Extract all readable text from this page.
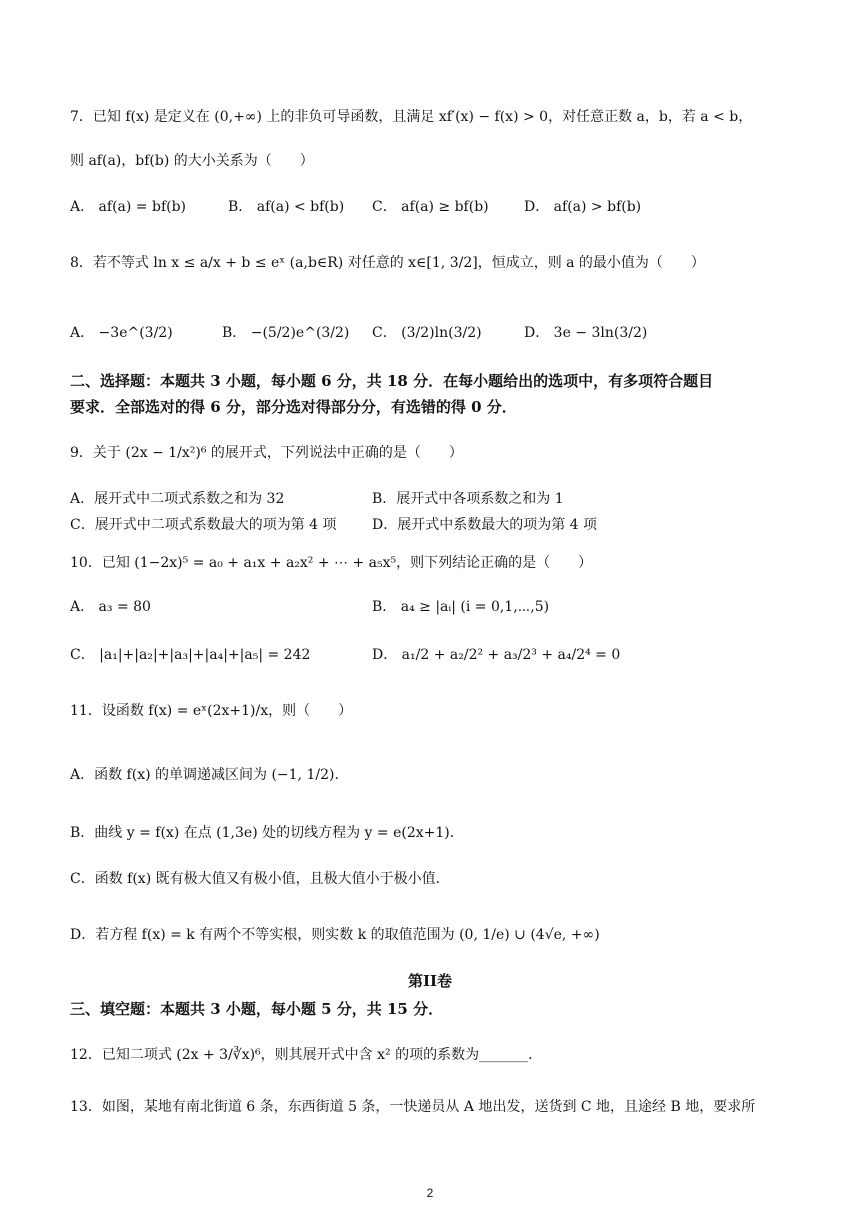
7．已知 f(x) 是定义在 (0,+∞) 上的非负可导函数，且满足 xf′(x) − f(x) > 0，对任意正数 a，b，若 a < b，
则 af(a)，bf(b) 的大小关系为（　　）
A． af(a) = bf(b)	B． af(a) < bf(b) C． af(a) ≥ bf(b)	D． af(a) > bf(b)
8．若不等式 ln x ≤ a/x + b ≤ eˣ (a,b∈R) 对任意的 x∈[1, 3/2]，恒成立，则 a 的最小值为（　　）
A． −3e^(3/2)	B． −(5/2)e^(3/2) C． (3/2)ln(3/2)	D． 3e − 3ln(3/2)
二、选择题：本题共 3 小题，每小题 6 分，共 18 分．在每小题给出的选项中，有多项符合题目
要求．全部选对的得 6 分，部分选对得部分分，有选错的得 0 分．
9．关于 (2x − 1/x²)⁶ 的展开式，下列说法中正确的是（　　）
A．展开式中二项式系数之和为 32	B．展开式中各项系数之和为 1
C．展开式中二项式系数最大的项为第 4 项	D．展开式中系数最大的项为第 4 项
10．已知 (1−2x)⁵ = a₀ + a₁x + a₂x² + ⋯ + a₅x⁵，则下列结论正确的是（　　）
A． a₃ = 80	B． a₄ ≥ |aᵢ| (i = 0,1,⋯,5)
C． |a₁|+|a₂|+|a₃|+|a₄|+|a₅| = 242	D． a₁/2 + a₂/2² + a₃/2³ + a₄/2⁴ = 0
11．设函数 f(x) = eˣ(2x+1)/x，则（　　）
A．函数 f(x) 的单调递减区间为 (−1, 1/2)．
B．曲线 y = f(x) 在点 (1,3e) 处的切线方程为 y = e(2x+1)．
C．函数 f(x) 既有极大值又有极小值，且极大值小于极小值．
D．若方程 f(x) = k 有两个不等实根，则实数 k 的取值范围为 (0, 1/e) ∪ (4√e, +∞)
第II卷
三、填空题：本题共 3 小题，每小题 5 分，共 15 分．
12．已知二项式 (2x + 3/∛x)⁶，则其展开式中含 x² 的项的系数为_______．
13．如图，某地有南北街道 6 条，东西街道 5 条，一快递员从 A 地出发，送货到 C 地，且途经 B 地，要求所
2
